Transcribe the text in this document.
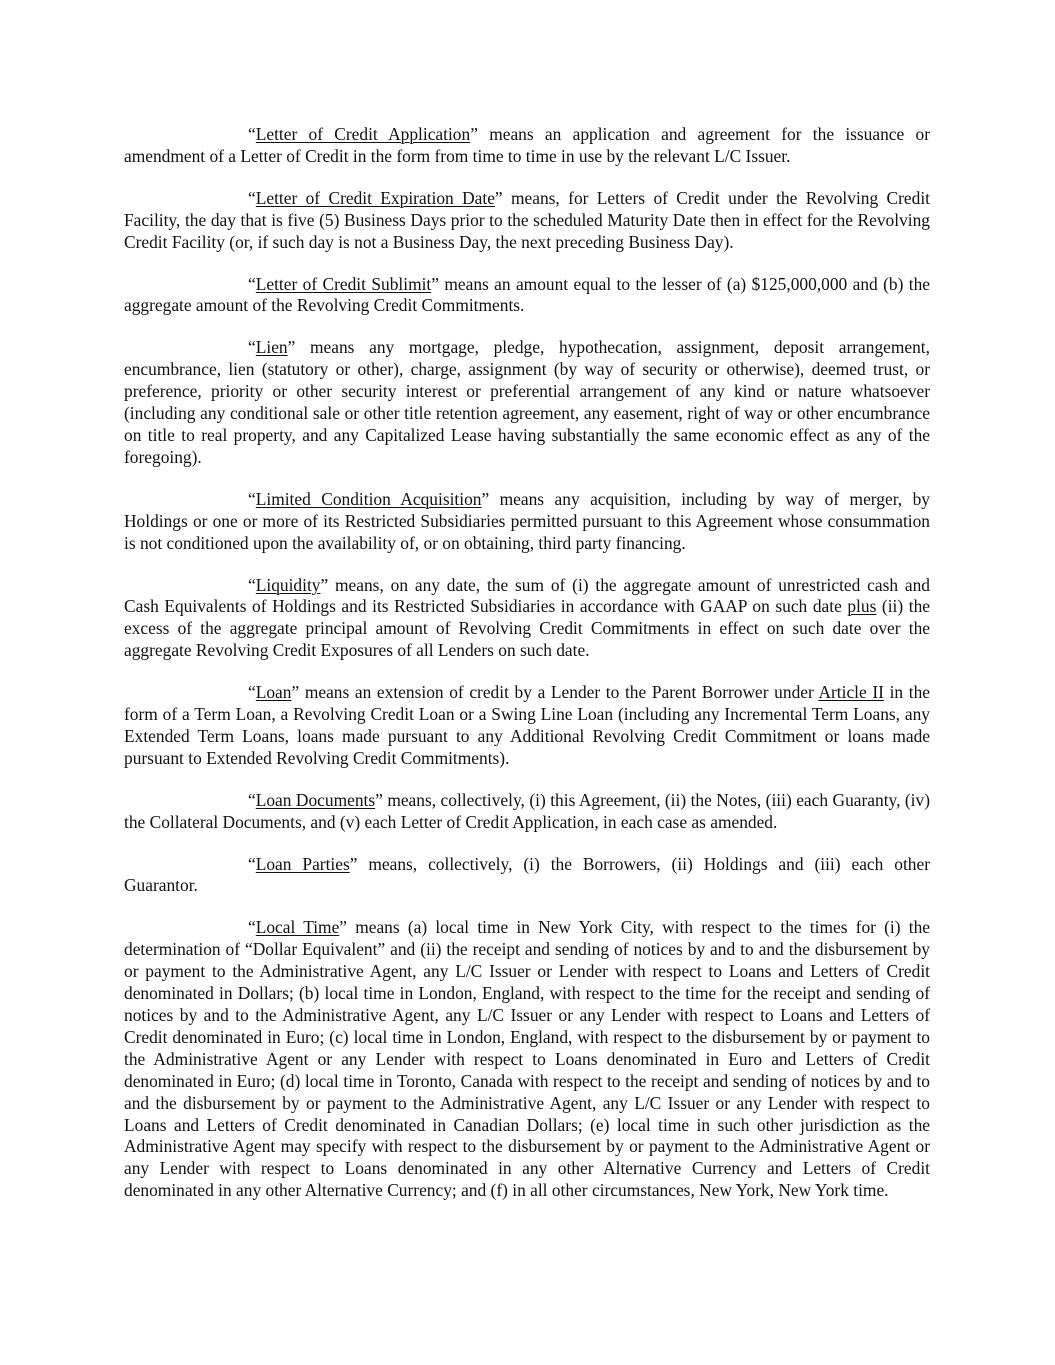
“Letter of Credit Application” means an application and agreement for the issuance or amendment of a Letter of Credit in the form from time to time in use by the relevant L/C Issuer.

“Letter of Credit Expiration Date” means, for Letters of Credit under the Revolving Credit Facility, the day that is five (5) Business Days prior to the scheduled Maturity Date then in effect for the Revolving Credit Facility (or, if such day is not a Business Day, the next preceding Business Day).

“Letter of Credit Sublimit” means an amount equal to the lesser of (a) $125,000,000 and (b) the aggregate amount of the Revolving Credit Commitments.

“Lien” means any mortgage, pledge, hypothecation, assignment, deposit arrangement, encumbrance, lien (statutory or other), charge, assignment (by way of security or otherwise), deemed trust, or preference, priority or other security interest or preferential arrangement of any kind or nature whatsoever (including any conditional sale or other title retention agreement, any easement, right of way or other encumbrance on title to real property, and any Capitalized Lease having substantially the same economic effect as any of the foregoing).

“Limited Condition Acquisition” means any acquisition, including by way of merger, by Holdings or one or more of its Restricted Subsidiaries permitted pursuant to this Agreement whose consummation is not conditioned upon the availability of, or on obtaining, third party financing.

“Liquidity” means, on any date, the sum of (i) the aggregate amount of unrestricted cash and Cash Equivalents of Holdings and its Restricted Subsidiaries in accordance with GAAP on such date plus (ii) the excess of the aggregate principal amount of Revolving Credit Commitments in effect on such date over the aggregate Revolving Credit Exposures of all Lenders on such date.

“Loan” means an extension of credit by a Lender to the Parent Borrower under Article II in the form of a Term Loan, a Revolving Credit Loan or a Swing Line Loan (including any Incremental Term Loans, any Extended Term Loans, loans made pursuant to any Additional Revolving Credit Commitment or loans made pursuant to Extended Revolving Credit Commitments).

“Loan Documents” means, collectively, (i) this Agreement, (ii) the Notes, (iii) each Guaranty, (iv) the Collateral Documents, and (v) each Letter of Credit Application, in each case as amended.

“Loan Parties” means, collectively, (i) the Borrowers, (ii) Holdings and (iii) each other

Guarantor.

“Local Time” means (a) local time in New York City, with respect to the times for (i) the determination of “Dollar Equivalent” and (ii) the receipt and sending of notices by and to and the disbursement by or payment to the Administrative Agent, any L/C Issuer or Lender with respect to Loans and Letters of Credit denominated in Dollars; (b) local time in London, England, with respect to the time for the receipt and sending of notices by and to the Administrative Agent, any L/C Issuer or any Lender with respect to Loans and Letters of Credit denominated in Euro; (c) local time in London, England, with respect to the disbursement by or payment to the Administrative Agent or any Lender with respect to Loans denominated in Euro and Letters of Credit denominated in Euro; (d) local time in Toronto, Canada with respect to the receipt and sending of notices by and to and the disbursement by or payment to the Administrative Agent, any L/C Issuer or any Lender with respect to Loans and Letters of Credit denominated in Canadian Dollars; (e) local time in such other jurisdiction as the Administrative Agent may specify with respect to the disbursement by or payment to the Administrative Agent or any Lender with respect to Loans denominated in any other Alternative Currency and Letters of Credit denominated in any other Alternative Currency; and (f) in all other circumstances, New York, New York time.
